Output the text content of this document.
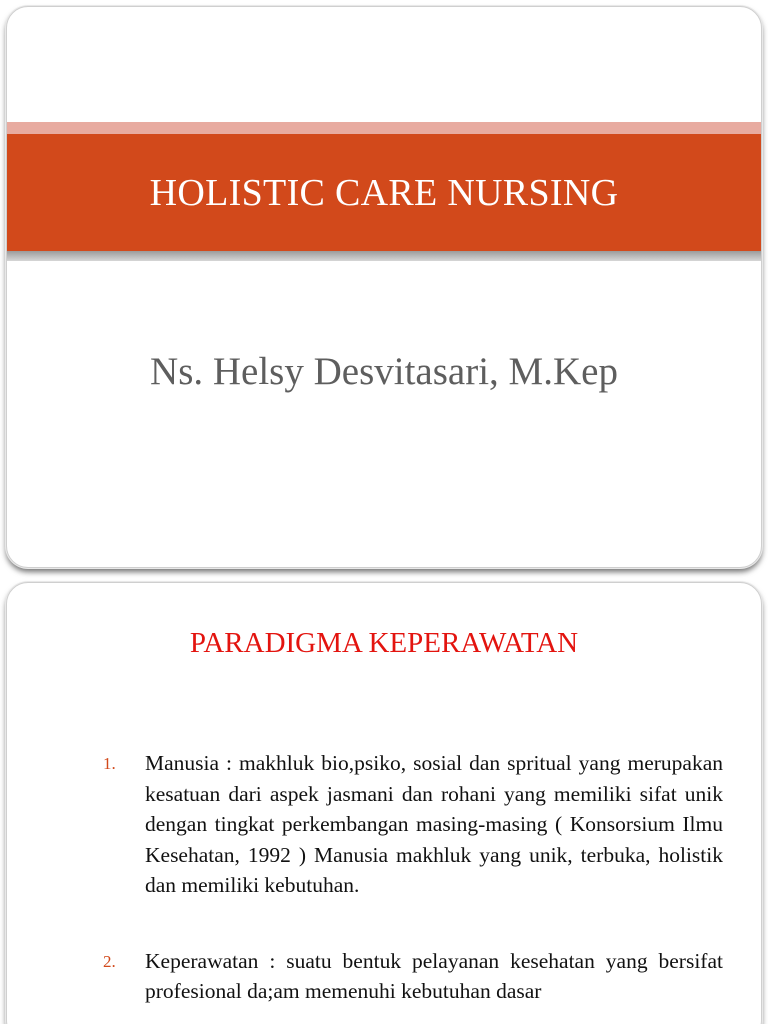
HOLISTIC CARE NURSING
Ns. Helsy Desvitasari, M.Kep
PARADIGMA KEPERAWATAN
1. Manusia : makhluk bio,psiko, sosial dan spritual yang merupakan kesatuan dari aspek jasmani dan rohani yang memiliki sifat unik dengan tingkat perkembangan masing-masing ( Konsorsium Ilmu Kesehatan, 1992 ) Manusia makhluk yang unik, terbuka, holistik dan memiliki kebutuhan.
2. Keperawatan : suatu bentuk pelayanan kesehatan yang bersifat profesional da;am memenuhi kebutuhan dasar
